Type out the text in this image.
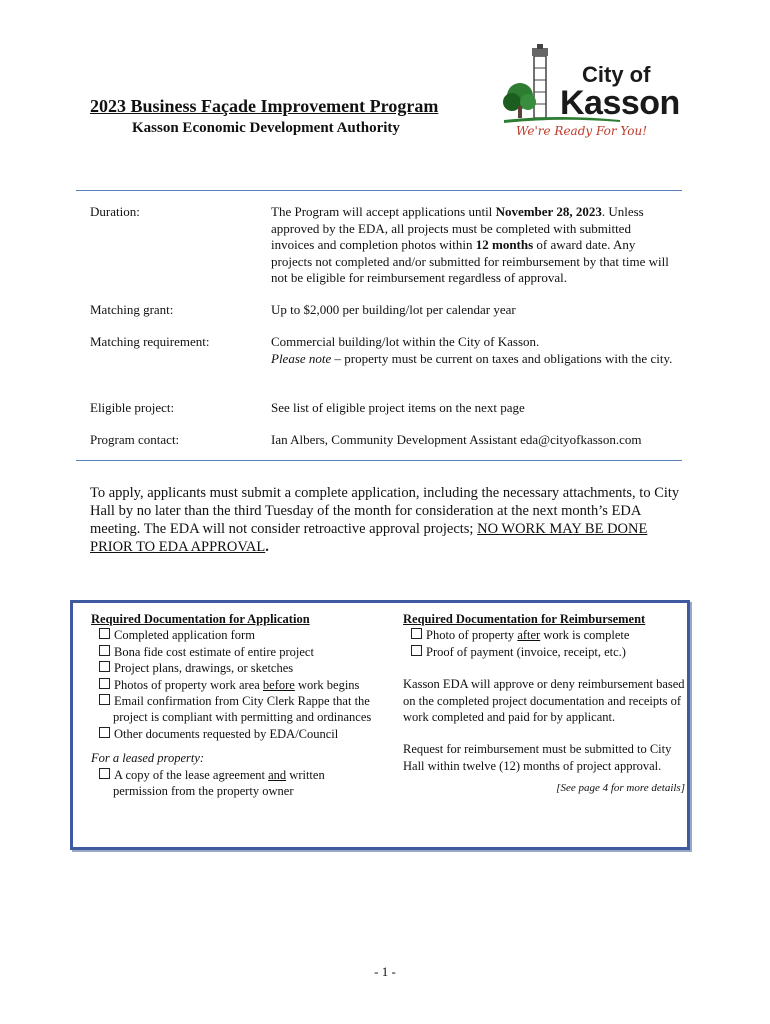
2023 Business Façade Improvement Program
Kasson Economic Development Authority
City of
Kasson
We're Ready For You!
Duration:	The Program will accept applications until November 28, 2023. Unless approved by the EDA, all projects must be completed with submitted invoices and completion photos within 12 months of award date. Any projects not completed and/or submitted for reimbursement by that time will not be eligible for reimbursement regardless of approval.
Matching grant:	Up to $2,000 per building/lot per calendar year
Matching requirement:	Commercial building/lot within the City of Kasson.
Please note – property must be current on taxes and obligations with the city.
Eligible project:	See list of eligible project items on the next page
Program contact:	Ian Albers, Community Development Assistant eda@cityofkasson.com
To apply, applicants must submit a complete application, including the necessary attachments, to City Hall by no later than the third Tuesday of the month for consideration at the next month’s EDA meeting. The EDA will not consider retroactive approval projects; NO WORK MAY BE DONE PRIOR TO EDA APPROVAL.
Required Documentation for Application
Completed application form
Bona fide cost estimate of entire project
Project plans, drawings, or sketches
Photos of property work area before work begins
Email confirmation from City Clerk Rappe that the project is compliant with permitting and ordinances
Other documents requested by EDA/Council
For a leased property:
A copy of the lease agreement and written permission from the property owner
Required Documentation for Reimbursement
Photo of property after work is complete
Proof of payment (invoice, receipt, etc.)
Kasson EDA will approve or deny reimbursement based on the completed project documentation and receipts of work completed and paid for by applicant.
Request for reimbursement must be submitted to City Hall within twelve (12) months of project approval.
[See page 4 for more details]
- 1 -
